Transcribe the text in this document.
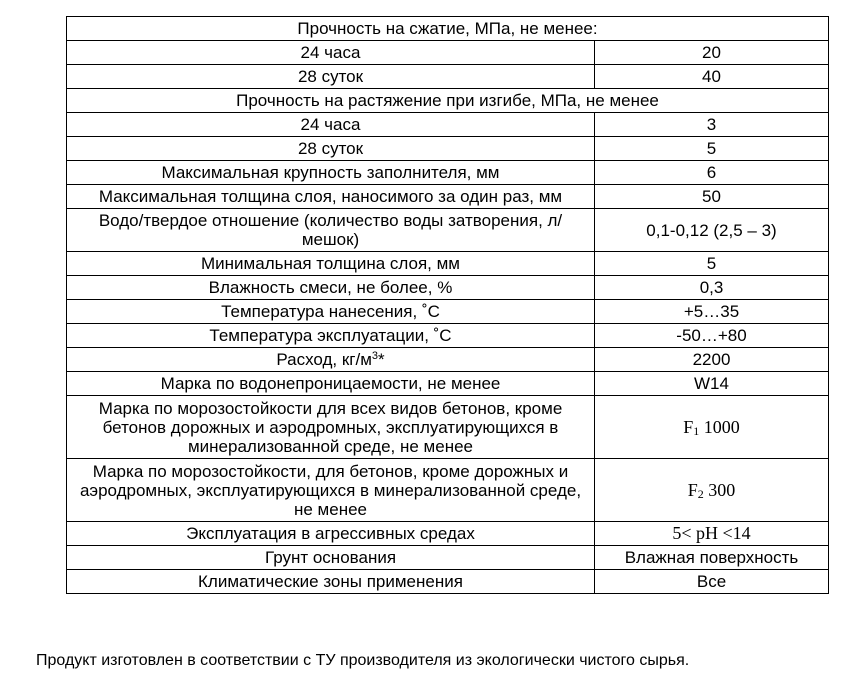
Прочность на сжатие, МПа, не менее:	
24 часа	20
28 суток	40
Прочность на растяжение при изгибе, МПа, не менее	
24 часа	3
28 суток	5
Максимальная крупность заполнителя, мм	6
Максимальная толщина слоя, наносимого за один раз, мм	50
Водо/твердое отношение (количество воды затворения, л/мешок)	0,1-0,12 (2,5 – 3)
Минимальная толщина слоя, мм	5
Влажность смеси, не более, %	0,3
Температура нанесения, ˚С	+5…35
Температура эксплуатации, ˚С	-50…+80
Расход, $кг/м^3*$	2200
Марка по водонепроницаемости, не менее	W14
Марка по морозостойкости для всех видов бетонов, кроме бетонов дорожных и аэродромных, эксплуатирующихся в минерализованной среде, не менее	$F_1$ 1000
Марка по морозостойкости, для бетонов, кроме дорожных и аэродромных, эксплуатирующихся в минерализованной среде, не менее	$F_2$ 300
Эксплуатация в агрессивных средах	5< pH <14
Грунт основания	Влажная поверхность
Климатические зоны применения	Все
Продукт изготовлен в соответствии с ТУ производителя из экологически чистого сырья.
